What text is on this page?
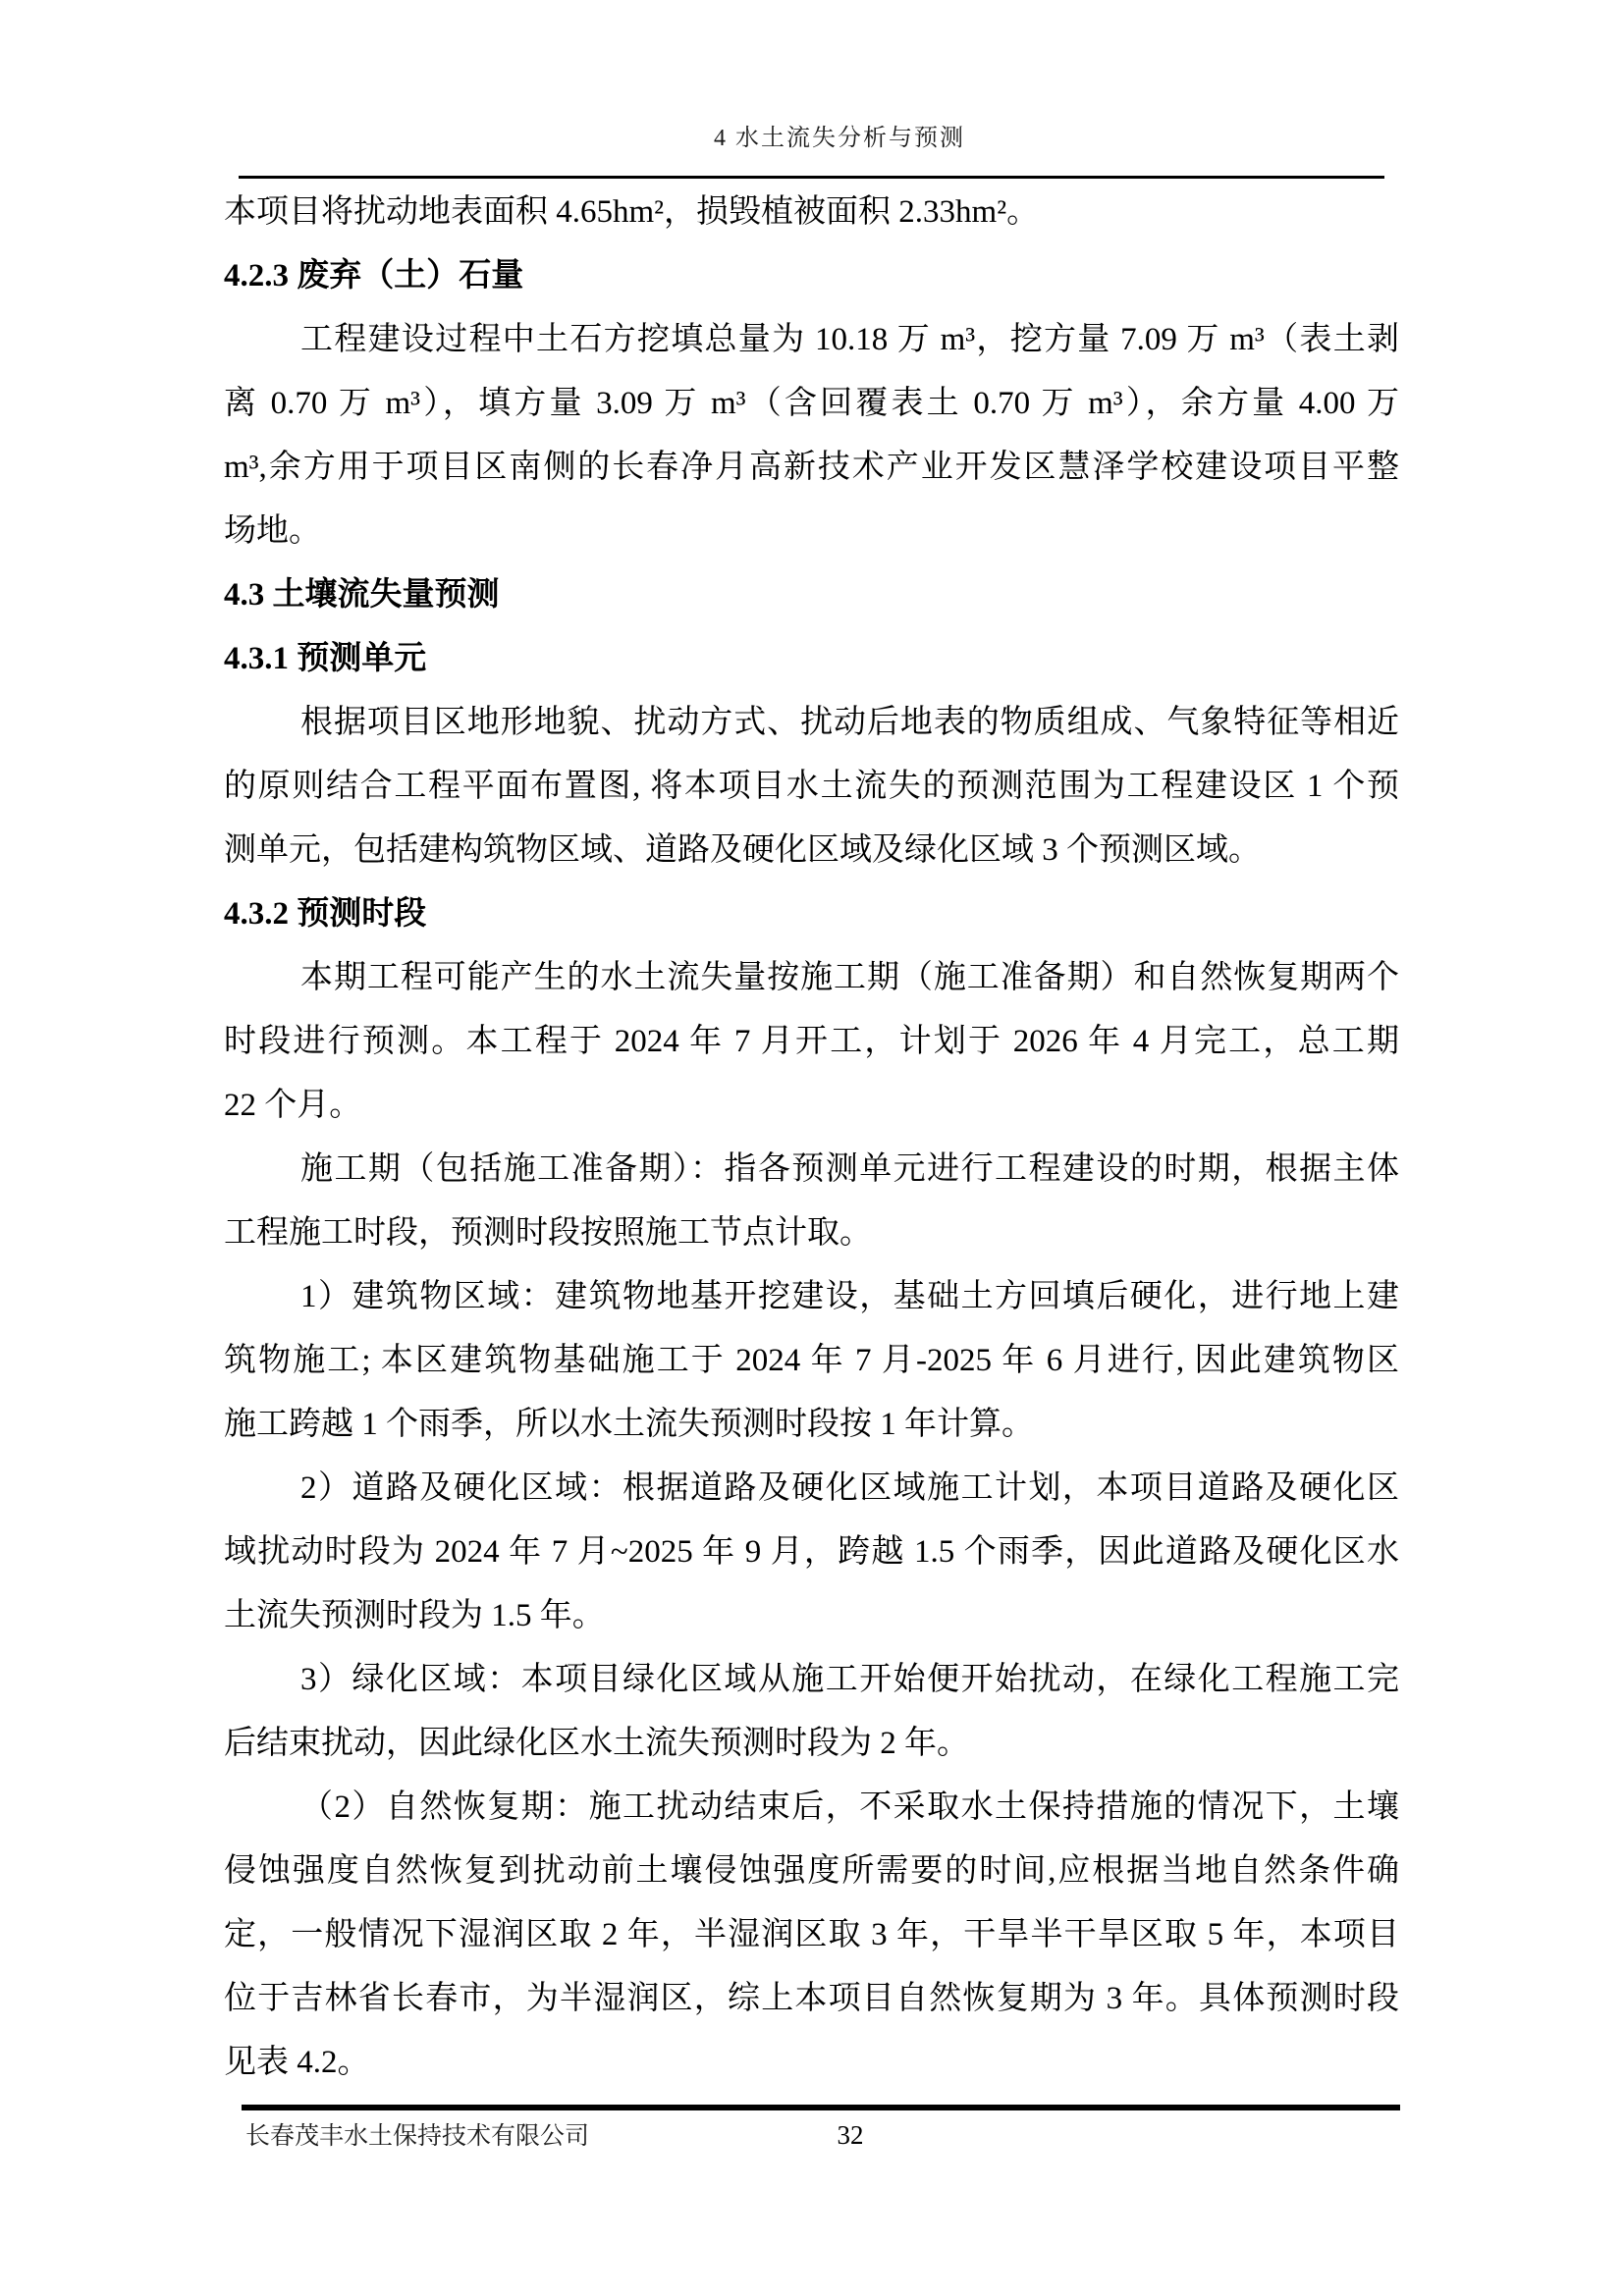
4 水土流失分析与预测
本项目将扰动地表面积 4.65hm²，损毁植被面积 2.33hm²。
4.2.3 废弃（土）石量
工程建设过程中土石方挖填总量为 10.18 万 m³，挖方量 7.09 万 m³（表土剥
离 0.70 万 m³），填方量 3.09 万 m³（含回覆表土 0.70 万 m³），余方量 4.00 万
m³,余方用于项目区南侧的长春净月高新技术产业开发区慧泽学校建设项目平整
场地。
4.3 土壤流失量预测
4.3.1 预测单元
根据项目区地形地貌、扰动方式、扰动后地表的物质组成、气象特征等相近
的原则结合工程平面布置图, 将本项目水土流失的预测范围为工程建设区 1 个预
测单元，包括建构筑物区域、道路及硬化区域及绿化区域 3 个预测区域。
4.3.2 预测时段
本期工程可能产生的水土流失量按施工期（施工准备期）和自然恢复期两个
时段进行预测。本工程于 2024 年 7 月开工，计划于 2026 年 4 月完工，总工期
22 个月。
施工期（包括施工准备期）：指各预测单元进行工程建设的时期，根据主体
工程施工时段，预测时段按照施工节点计取。
1）建筑物区域：建筑物地基开挖建设，基础土方回填后硬化，进行地上建
筑物施工; 本区建筑物基础施工于 2024 年 7 月-2025 年 6 月进行, 因此建筑物区
施工跨越 1 个雨季，所以水土流失预测时段按 1 年计算。
2）道路及硬化区域：根据道路及硬化区域施工计划，本项目道路及硬化区
域扰动时段为 2024 年 7 月~2025 年 9 月，跨越 1.5 个雨季，因此道路及硬化区水
土流失预测时段为 1.5 年。
3）绿化区域：本项目绿化区域从施工开始便开始扰动，在绿化工程施工完
后结束扰动，因此绿化区水土流失预测时段为 2 年。
（2）自然恢复期：施工扰动结束后，不采取水土保持措施的情况下，土壤
侵蚀强度自然恢复到扰动前土壤侵蚀强度所需要的时间,应根据当地自然条件确
定，一般情况下湿润区取 2 年，半湿润区取 3 年，干旱半干旱区取 5 年，本项目
位于吉林省长春市，为半湿润区，综上本项目自然恢复期为 3 年。具体预测时段
见表 4.2。
长春茂丰水土保持技术有限公司	32
